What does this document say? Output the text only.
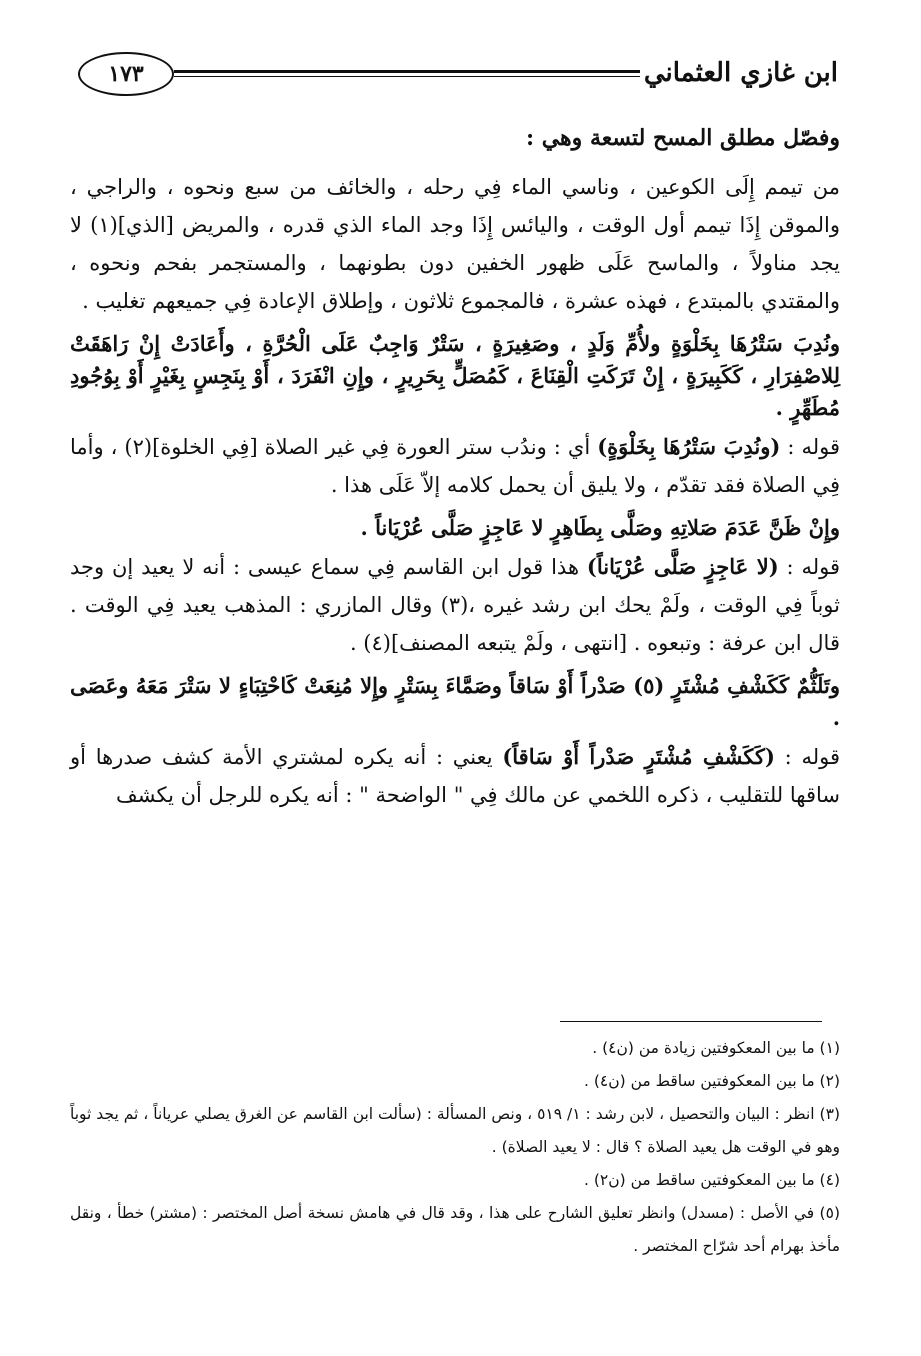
ابن غازي العثماني
١٧٣

وفصّل مطلق المسح لتسعة وهي :

من تيمم إِلَى الكوعين ، وناسي الماء فِي رحله ، والخائف من سبع ونحوه ، والراجي ، والموقن إِذَا تيمم أول الوقت ، واليائس إِذَا وجد الماء الذي قدره ، والمريض [الذي](١) لا يجد مناولاً ، والماسح عَلَى ظهور الخفين دون بطونهما ، والمستجمر بفحم ونحوه ، والمقتدي بالمبتدع ، فهذه عشرة ، فالمجموع ثلاثون ، وإطلاق الإعادة فِي جميعهم تغليب .

ونُدِبَ سَتْرُهَا بِخَلْوَةٍ ولأُمِّ وَلَدٍ ، وصَغِيرَةٍ ، سَتْرٌ وَاجِبٌ عَلَى الْحُرَّةِ ، وأَعَادَتْ إِنْ رَاهَقَتْ لِلاصْفِرَارِ ، كَكَبِيرَةٍ ، إِنْ تَرَكَتِ الْقِنَاعَ ، كَمُصَلٍّ بِحَرِيرٍ ، وإِنِ انْفَرَدَ ، أَوْ بِنَجِسٍ بِغَيْرٍ أَوْ بِوُجُودِ مُطَهِّرٍ .

قوله : (ونُدِبَ سَتْرُهَا بِخَلْوَةٍ) أي : وندُب ستر العورة فِي غير الصلاة [فِي الخلوة](٢) ، وأما فِي الصلاة فقد تقدّم ، ولا يليق أن يحمل كلامه إلاّ عَلَى هذا .

وإِنْ ظَنَّ عَدَمَ صَلاتِهِ وصَلَّى بِطَاهِرٍ لا عَاجِزٍ صَلَّى عُرْيَاناً .

قوله : (لا عَاجِزٍ صَلَّى عُرْيَاناً) هذا قول ابن القاسم فِي سماع عيسى : أنه لا يعيد إن وجد ثوباً فِي الوقت ، ولَمْ يحك ابن رشد غيره ،(٣) وقال المازري : المذهب يعيد فِي الوقت . قال ابن عرفة : وتبعوه . [انتهى ، ولَمْ يتبعه المصنف](٤) .

وتَلَثُّمٌ كَكَشْفِ مُشْتَرٍ (٥) صَدْراً أَوْ سَاقاً وصَمَّاءَ بِسَتْرٍ وإِلا مُنِعَتْ كَاحْتِبَاءٍ لا سَتْرَ مَعَهُ وعَصَى .

قوله : (كَكَشْفِ مُشْتَرٍ صَدْراً أَوْ سَاقاً) يعني : أنه يكره لمشتري الأمة كشف صدرها أو ساقها للتقليب ، ذكره اللخمي عن مالك فِي " الواضحة " : أنه يكره للرجل أن يكشف

(١) ما بين المعكوفتين زيادة من (ن٤) .

(٢) ما بين المعكوفتين ساقط من (ن٤) .

(٣) انظر : البيان والتحصيل ، لابن رشد : ١/ ٥١٩ ، ونص المسألة : (سألت ابن القاسم عن الغرق يصلي عرياناً ، ثم يجد ثوباً وهو في الوقت هل يعيد الصلاة ؟ قال : لا يعيد الصلاة) .

(٤) ما بين المعكوفتين ساقط من (ن٢) .

(٥) في الأصل : (مسدل) وانظر تعليق الشارح على هذا ، وقد قال في هامش نسخة أصل المختصر : (مشتر) خطأ ، ونقل مأخذ بهرام أحد شرّاح المختصر .
